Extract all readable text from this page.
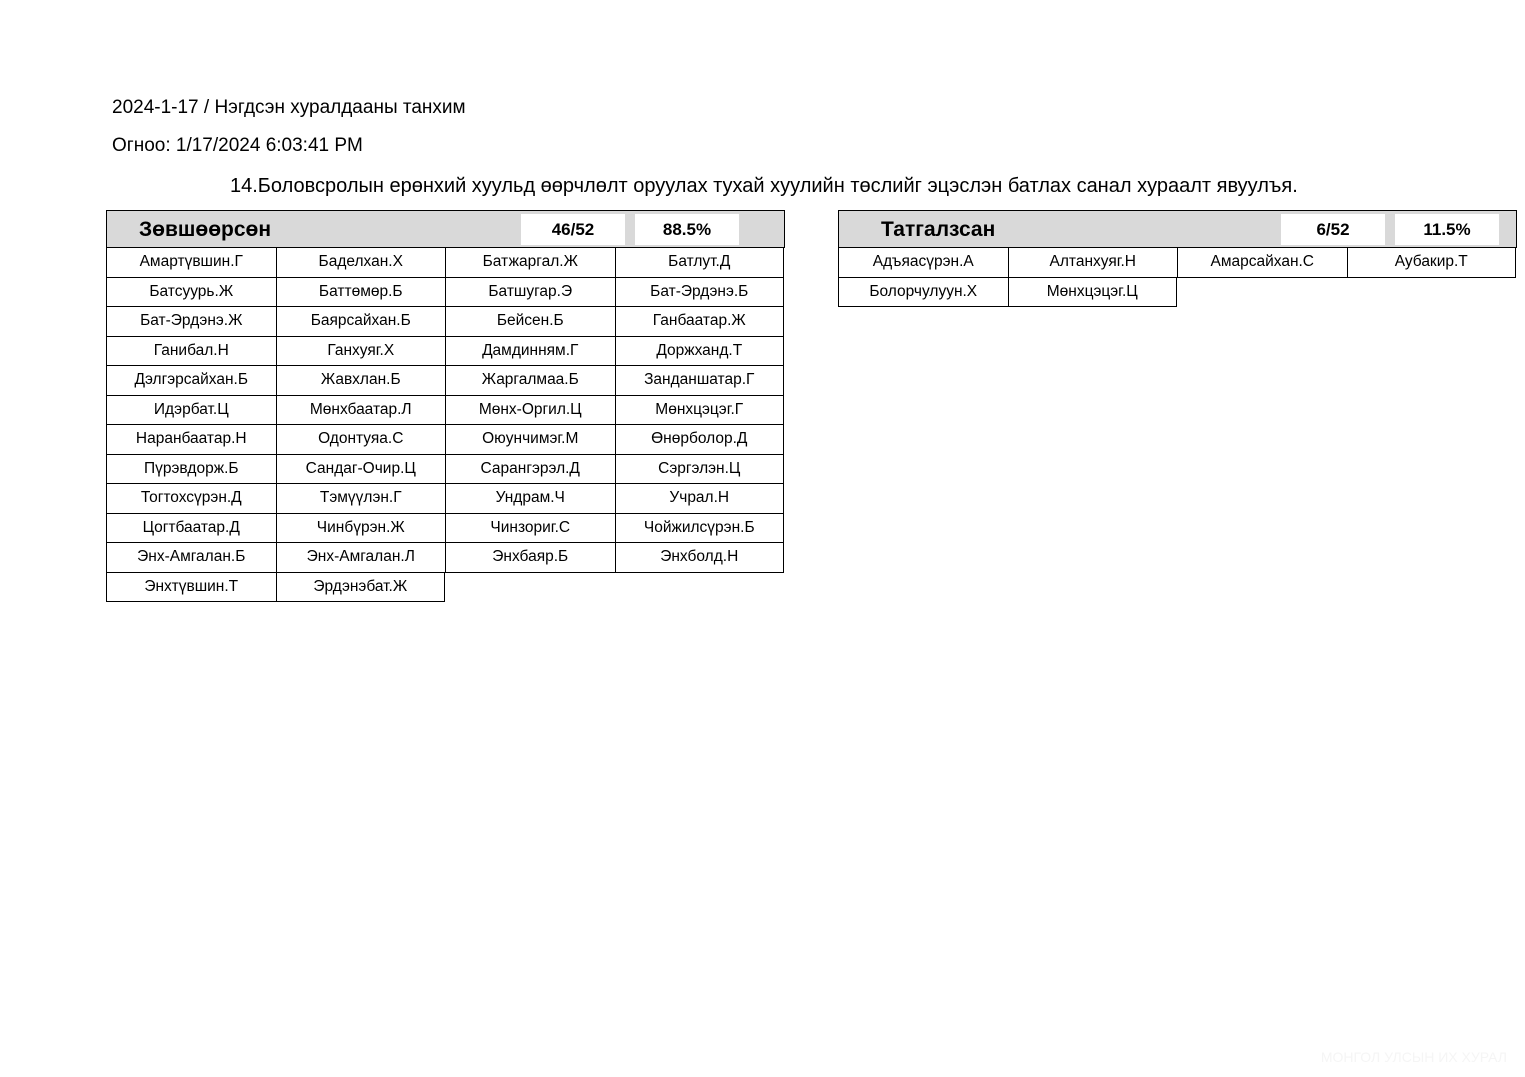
2024-1-17 / Нэгдсэн хуралдааны танхим
Огноо: 1/17/2024 6:03:41 PM
14.Боловсролын ерөнхий хуульд өөрчлөлт оруулах тухай хуулийн төслийг эцэслэн батлах санал хураалт явуулъя.
Зөвшөөрсөн	46/52	88.5%
Амартүвшин.Г	Баделхан.Х	Батжаргал.Ж	Батлут.Д
Батсуурь.Ж	Баттөмөр.Б	Батшугар.Э	Бат-Эрдэнэ.Б
Бат-Эрдэнэ.Ж	Баярсайхан.Б	Бейсен.Б	Ганбаатар.Ж
Ганибал.Н	Ганхуяг.Х	Дамдинням.Г	Доржханд.Т
Дэлгэрсайхан.Б	Жавхлан.Б	Жаргалмаа.Б	Занданшатар.Г
Идэрбат.Ц	Мөнхбаатар.Л	Мөнх-Оргил.Ц	Мөнхцэцэг.Г
Наранбаатар.Н	Одонтуяа.С	Оюунчимэг.М	Өнөрболор.Д
Пүрэвдорж.Б	Сандаг-Очир.Ц	Сарангэрэл.Д	Сэргэлэн.Ц
Тогтохсүрэн.Д	Тэмүүлэн.Г	Ундрам.Ч	Учрал.Н
Цогтбаатар.Д	Чинбүрэн.Ж	Чинзориг.С	Чойжилсүрэн.Б
Энх-Амгалан.Б	Энх-Амгалан.Л	Энхбаяр.Б	Энхболд.Н
Энхтүвшин.Т	Эрдэнэбат.Ж
Татгалзсан	6/52	11.5%
Адъяасүрэн.А	Алтанхуяг.Н	Амарсайхан.С	Аубакир.Т
Болорчулуун.Х	Мөнхцэцэг.Ц
МОНГОЛ УЛСЫН ИХ ХУРАЛ
